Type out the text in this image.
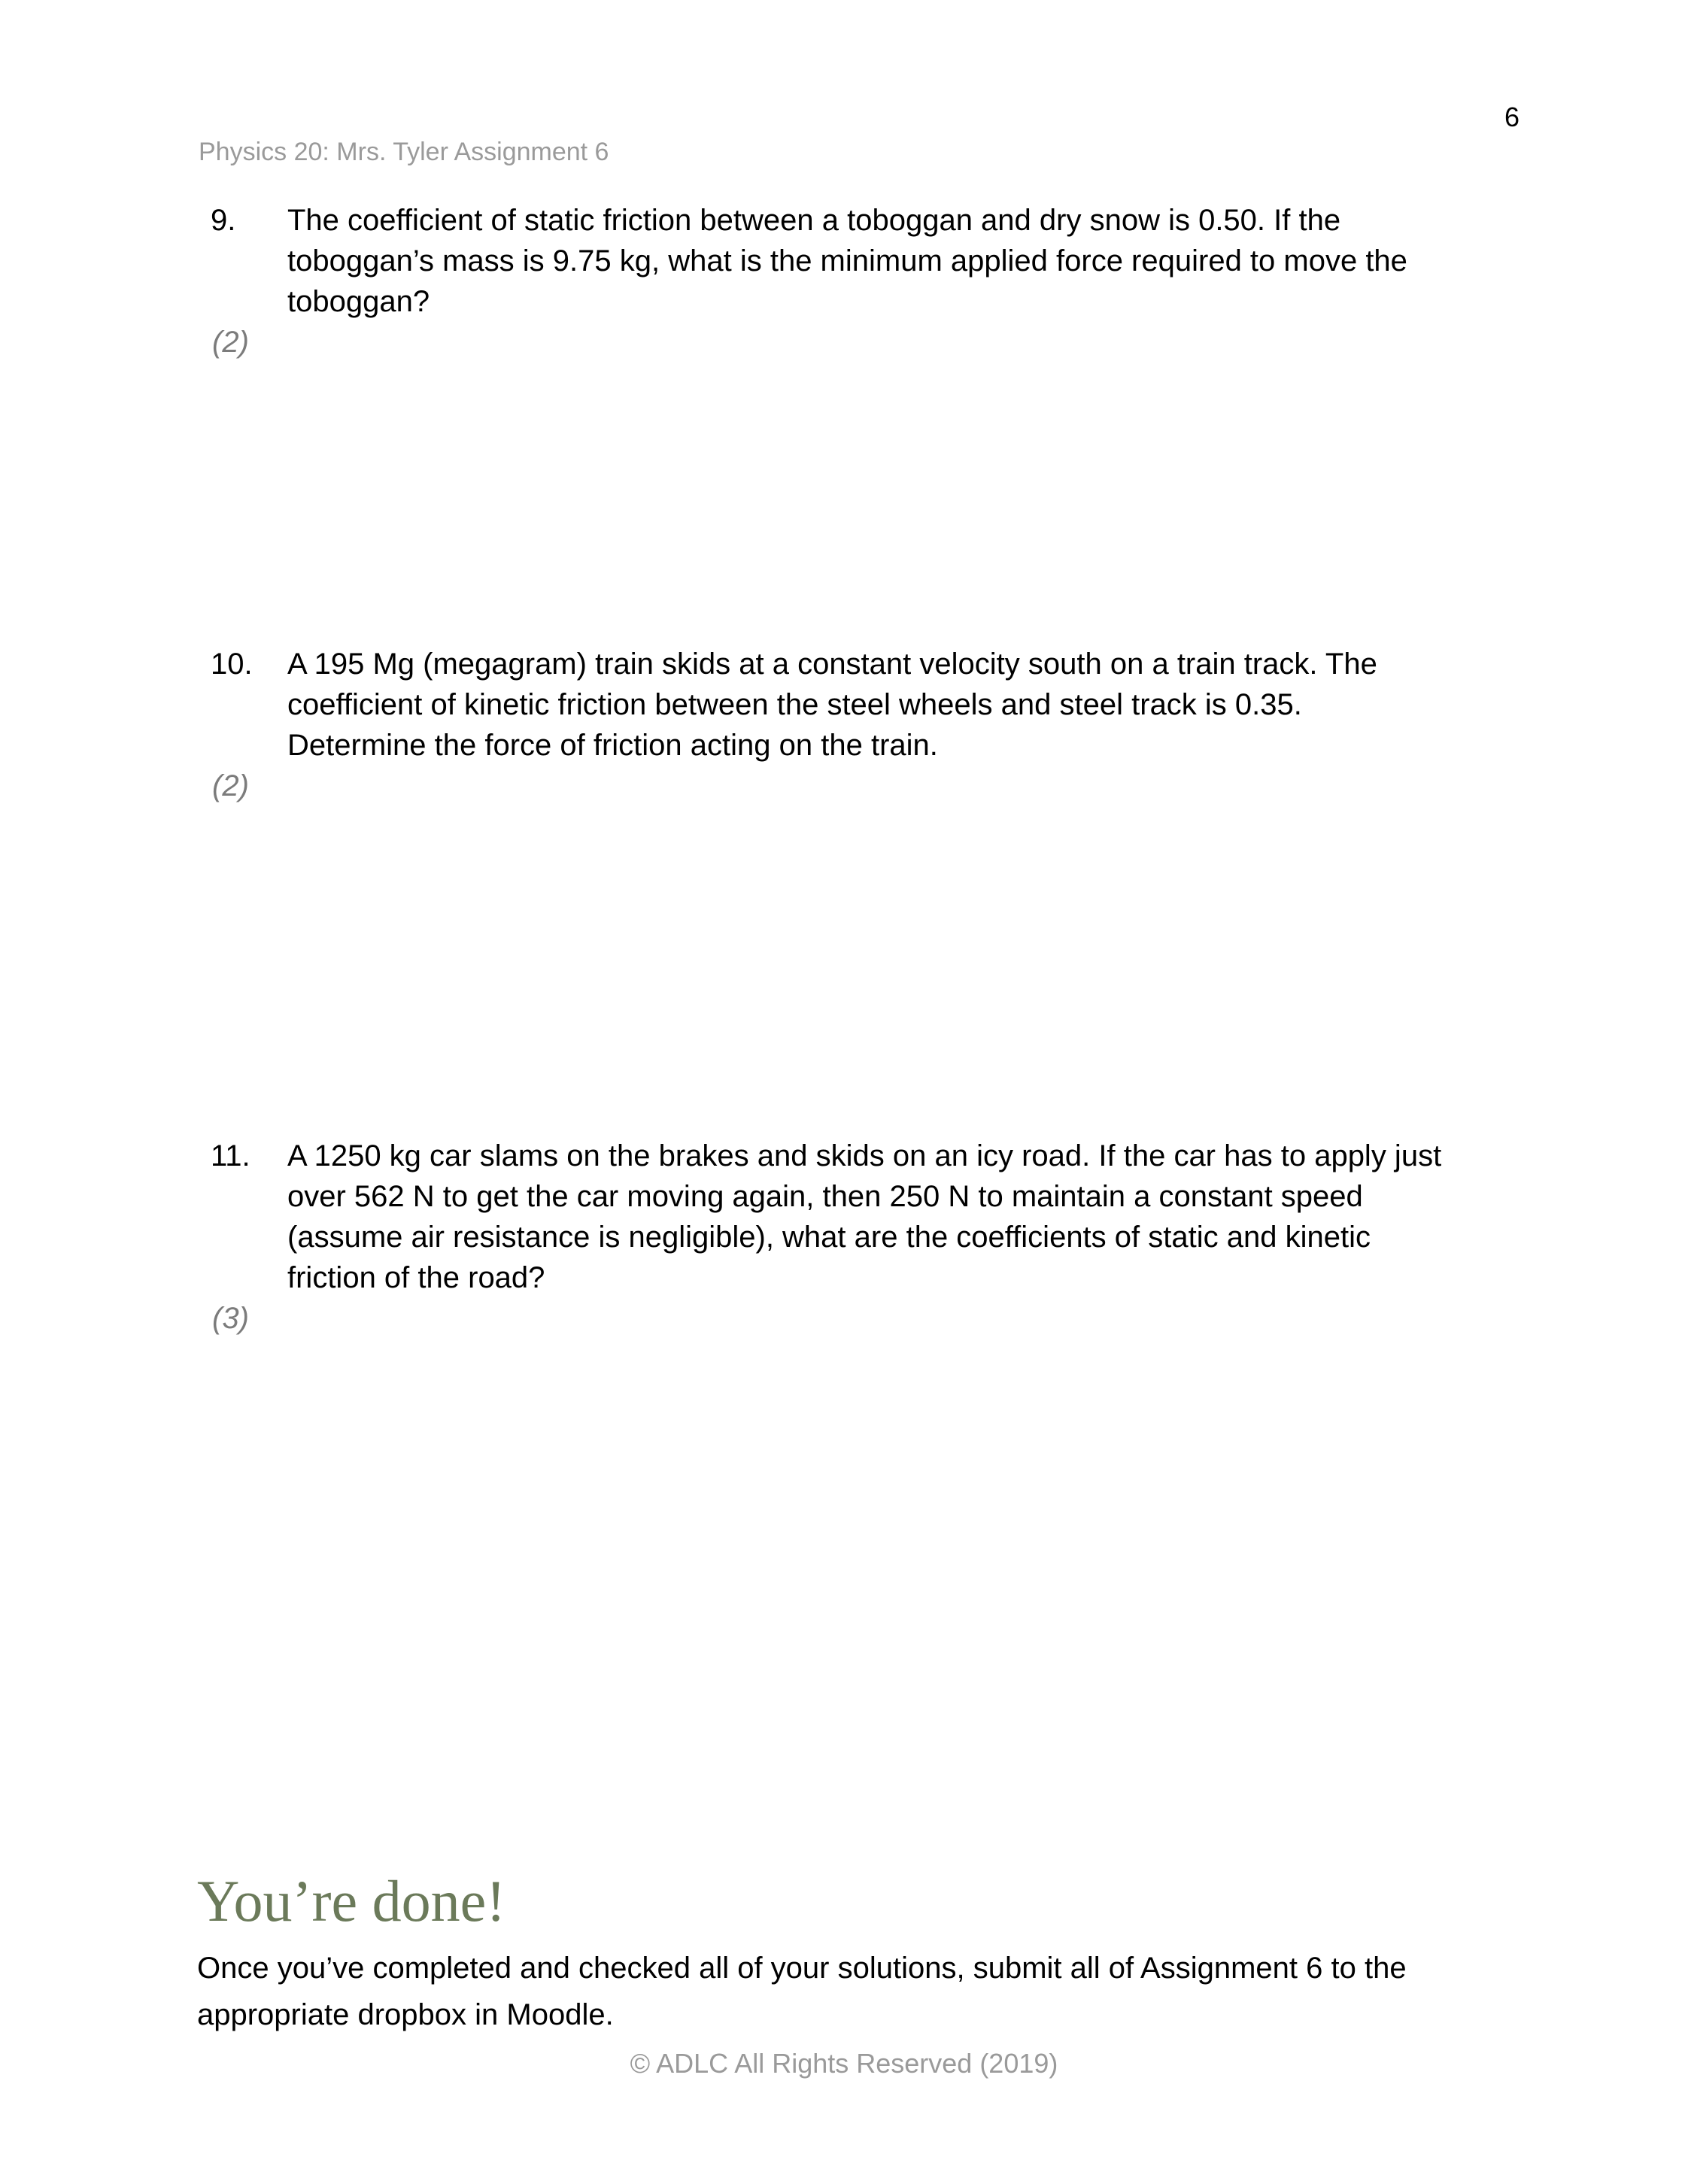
6
Physics 20: Mrs. Tyler Assignment 6
9. The coefficient of static friction between a toboggan and dry snow is 0.50. If the
toboggan’s mass is 9.75 kg, what is the minimum applied force required to move the
toboggan?
(2)
10. A 195 Mg (megagram) train skids at a constant velocity south on a train track. The
coefficient of kinetic friction between the steel wheels and steel track is 0.35.
Determine the force of friction acting on the train.
(2)
11. A 1250 kg car slams on the brakes and skids on an icy road. If the car has to apply just
over 562 N to get the car moving again, then 250 N to maintain a constant speed
(assume air resistance is negligible), what are the coefficients of static and kinetic
friction of the road?
(3)
You’re done!
Once you’ve completed and checked all of your solutions, submit all of Assignment 6 to the
appropriate dropbox in Moodle.
© ADLC All Rights Reserved (2019)
